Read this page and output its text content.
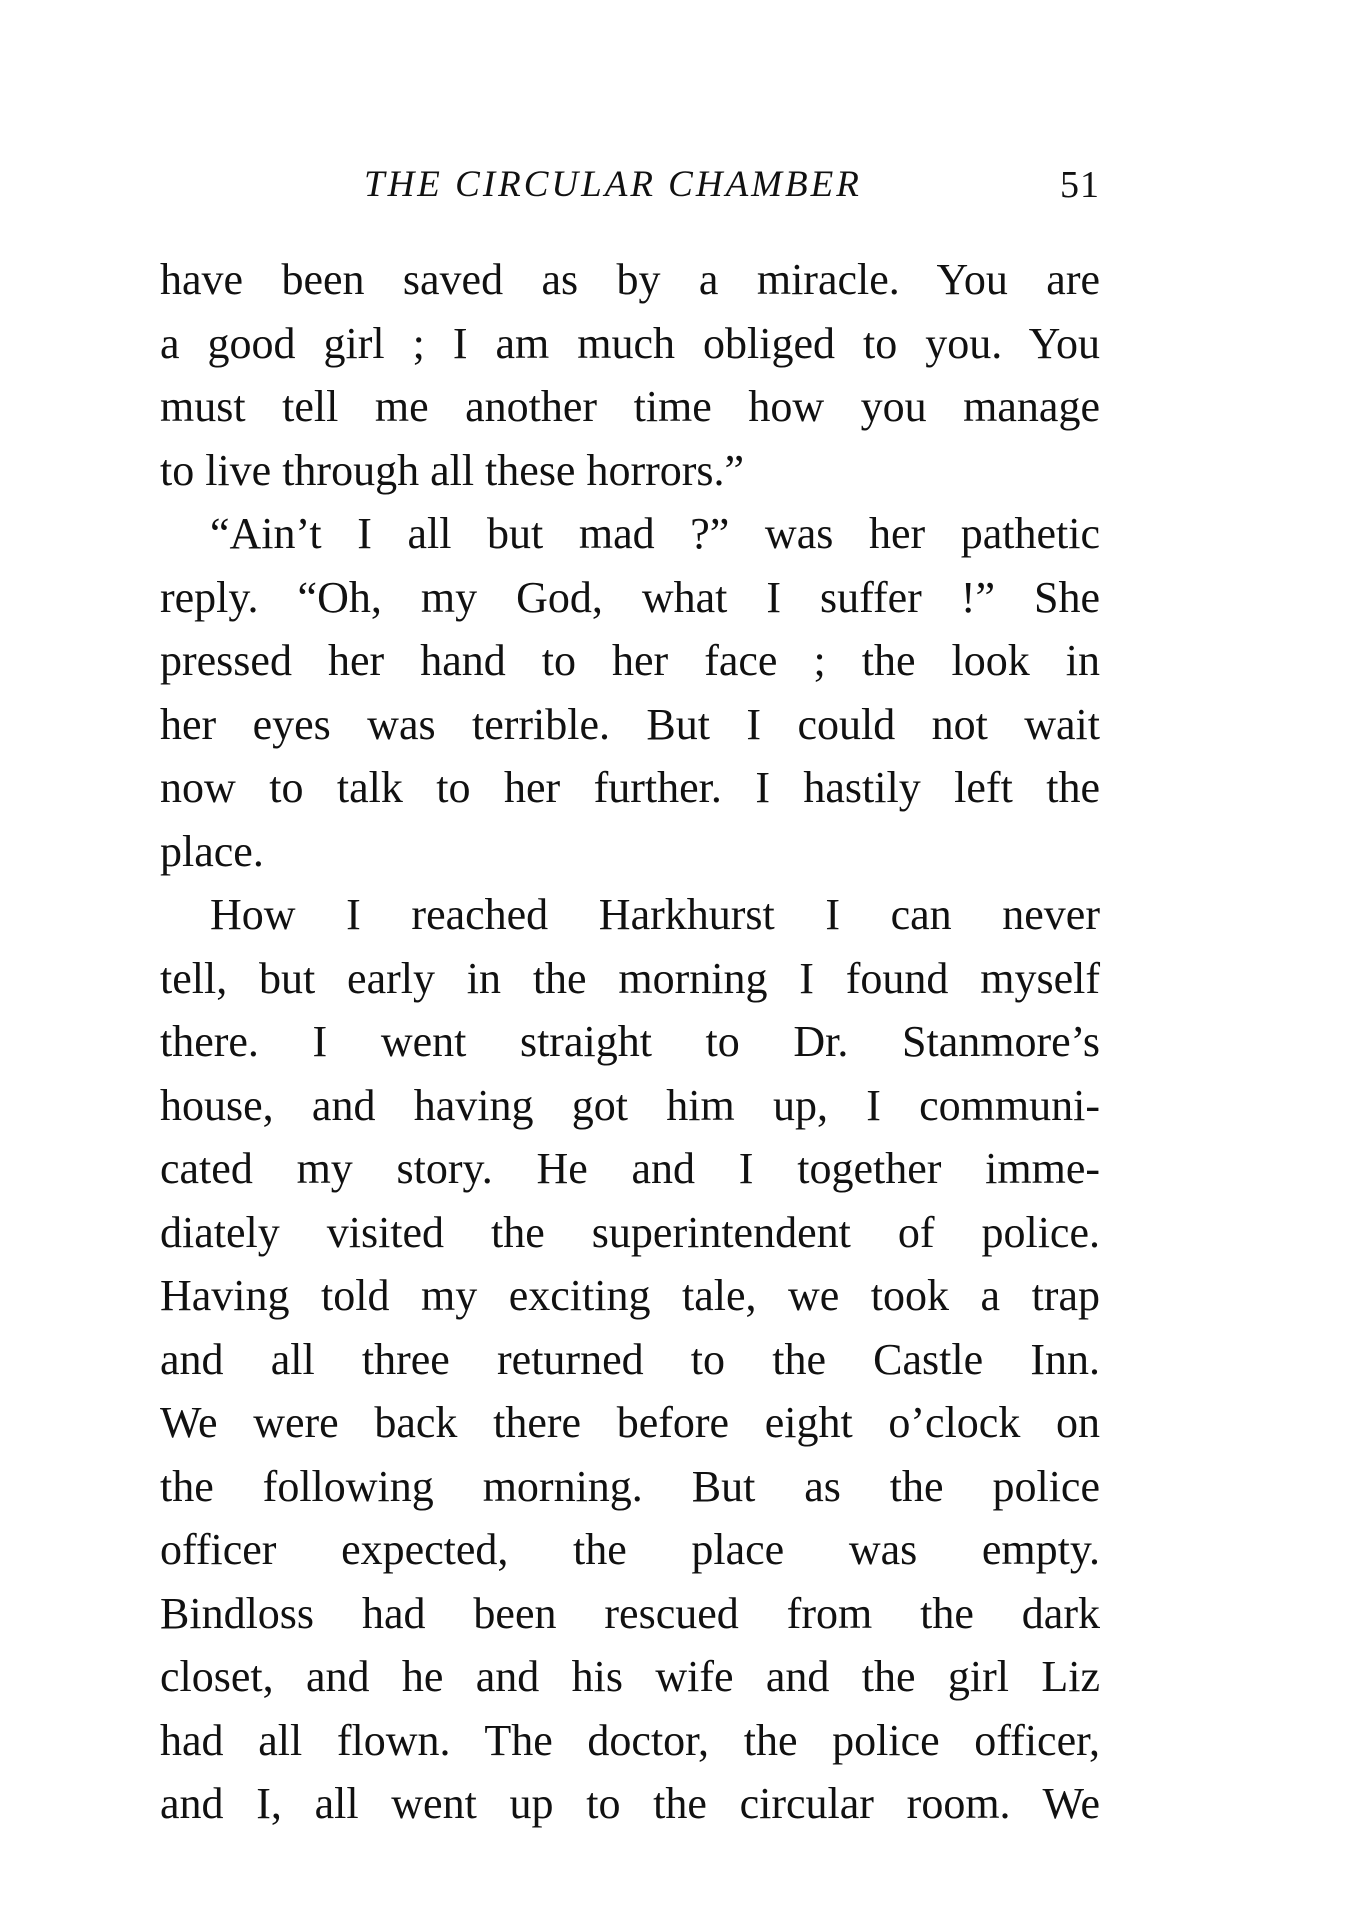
THE CIRCULAR CHAMBER	51
have been saved as by a miracle. You are
a good girl ; I am much obliged to you. You
must tell me another time how you manage
to live through all these horrors.”
“Ain’t I all but mad ?” was her pathetic
reply. “Oh, my God, what I suffer !” She
pressed her hand to her face ; the look in
her eyes was terrible. But I could not wait
now to talk to her further. I hastily left the
place.
How I reached Harkhurst I can never
tell, but early in the morning I found myself
there. I went straight to Dr. Stanmore’s
house, and having got him up, I communi-
cated my story. He and I together imme-
diately visited the superintendent of police.
Having told my exciting tale, we took a trap
and all three returned to the Castle Inn.
We were back there before eight o’clock on
the following morning. But as the police
officer expected, the place was empty.
Bindloss had been rescued from the dark
closet, and he and his wife and the girl Liz
had all flown. The doctor, the police officer,
and I, all went up to the circular room. We
